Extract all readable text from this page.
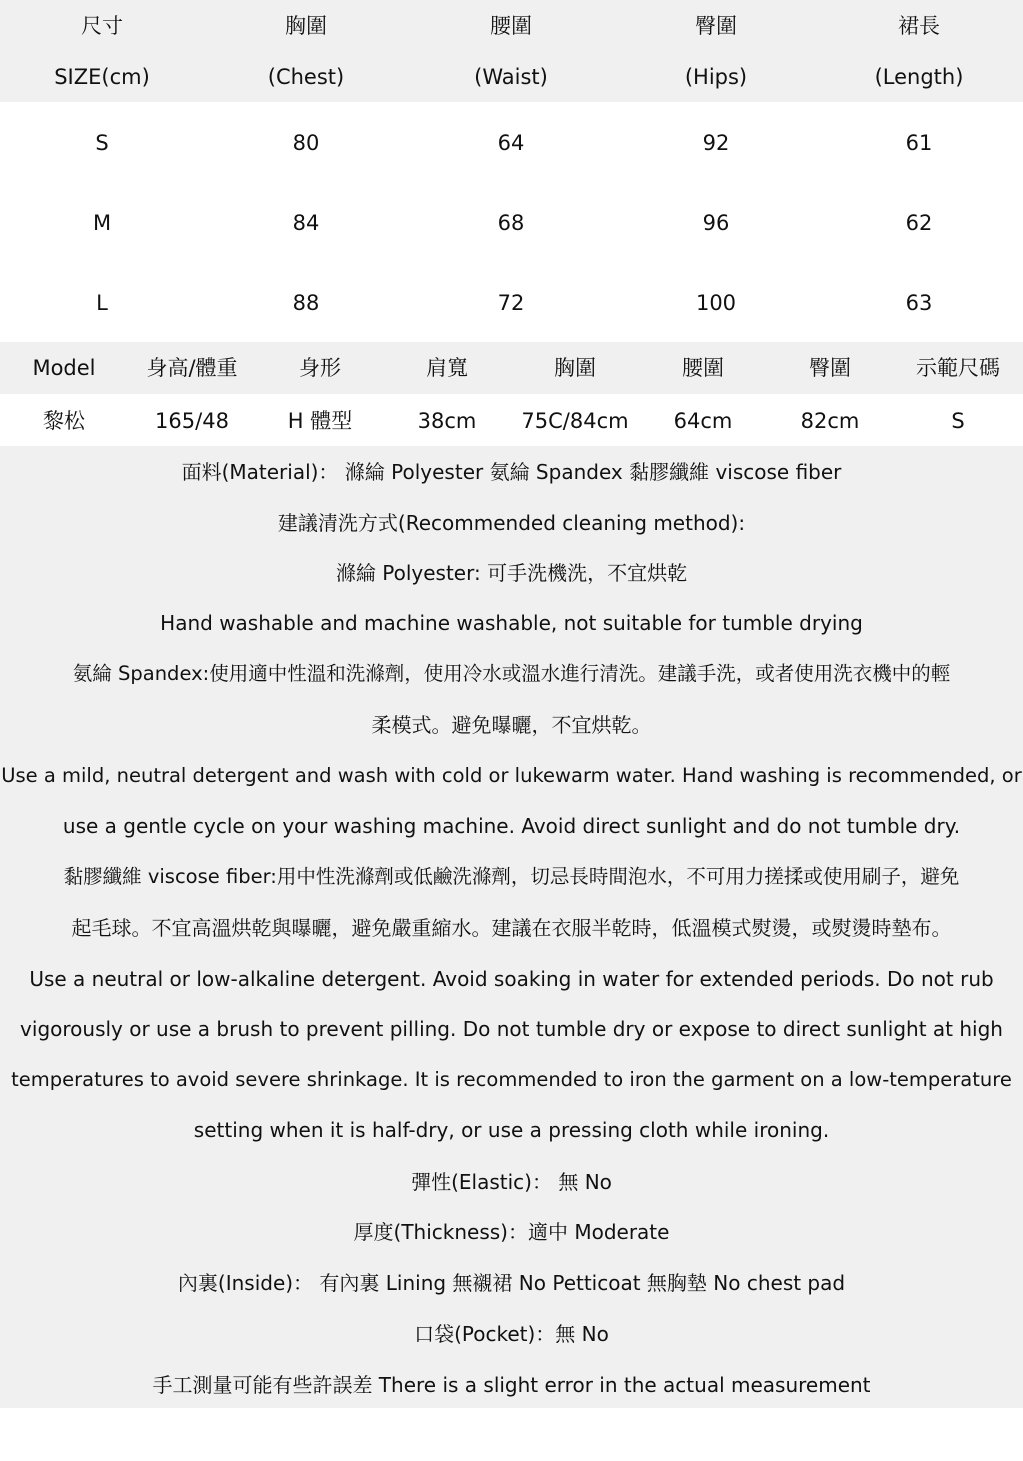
尺寸	胸圍	腰圍	臀圍	裙長
SIZE(cm)	(Chest)	(Waist)	(Hips)	(Length)
S	80	64	92	61
M	84	68	96	62
L	88	72	100	63
Model	身高/體重	身形	肩寬	胸圍	腰圍	臀圍	示範尺碼
黎松	165/48	H 體型	38cm	75C/84cm	64cm	82cm	S
面料(Material)： 滌綸 Polyester 氨綸 Spandex 黏膠纖維 viscose fiber
建議清洗方式(Recommended cleaning method):
滌綸 Polyester: 可手洗機洗，不宜烘乾
Hand washable and machine washable, not suitable for tumble drying
氨綸 Spandex:使用適中性溫和洗滌劑，使用冷水或溫水進行清洗。建議手洗，或者使用洗衣機中的輕
柔模式。避免曝曬，不宜烘乾。
Use a mild, neutral detergent and wash with cold or lukewarm water. Hand washing is recommended, or
use a gentle cycle on your washing machine. Avoid direct sunlight and do not tumble dry.
黏膠纖維 viscose fiber:用中性洗滌劑或低鹼洗滌劑，切忌長時間泡水，不可用力搓揉或使用刷子，避免
起毛球。不宜高溫烘乾與曝曬，避免嚴重縮水。建議在衣服半乾時，低溫模式熨燙，或熨燙時墊布。
Use a neutral or low-alkaline detergent. Avoid soaking in water for extended periods. Do not rub
vigorously or use a brush to prevent pilling. Do not tumble dry or expose to direct sunlight at high
temperatures to avoid severe shrinkage. It is recommended to iron the garment on a low-temperature
setting when it is half-dry, or use a pressing cloth while ironing.
彈性(Elastic)： 無 No
厚度(Thickness)：適中 Moderate
內裏(Inside)： 有內裏 Lining 無襯裙 No Petticoat 無胸墊 No chest pad
口袋(Pocket)：無 No
手工測量可能有些許誤差 There is a slight error in the actual measurement
